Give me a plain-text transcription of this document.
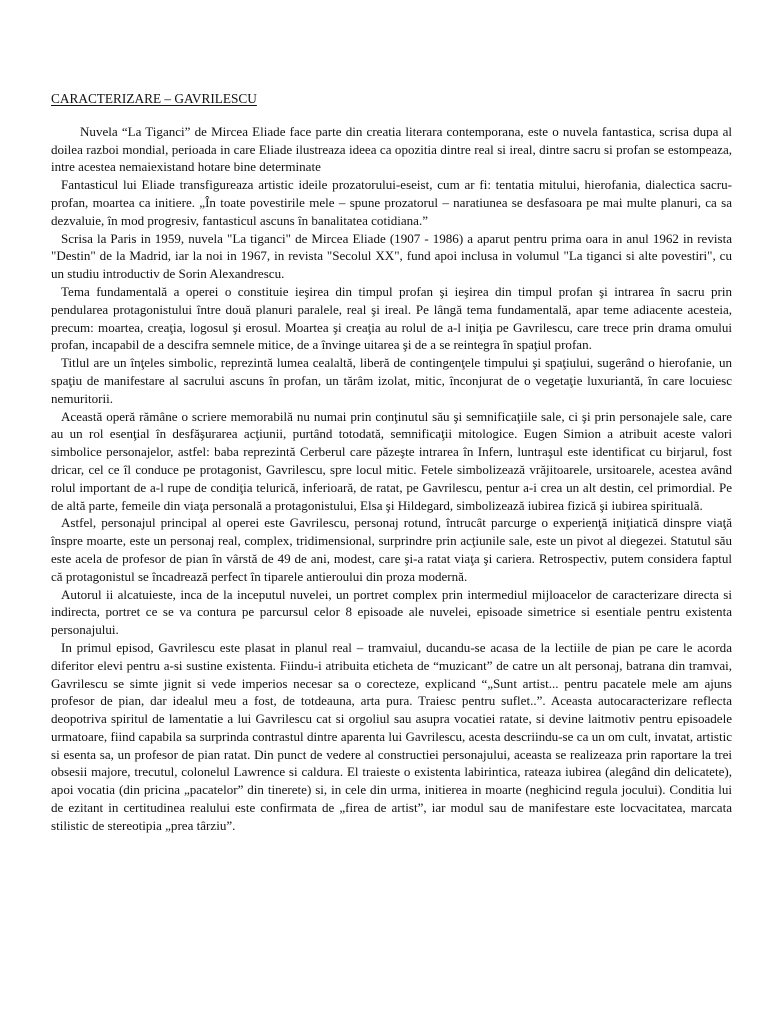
CARACTERIZARE – GAVRILESCU

Nuvela “La Tiganci” de Mircea Eliade face parte din creatia literara contemporana, este o nuvela fantastica, scrisa dupa al doilea razboi mondial, perioada in care Eliade ilustreaza ideea ca opozitia dintre real si ireal, dintre sacru si profan se estompeaza, intre acestea nemaiexistand hotare bine determinate

Fantasticul lui Eliade transfigureaza artistic ideile prozatorului-eseist, cum ar fi: tentatia mitului, hierofania, dialectica sacru-profan, moartea ca initiere. „În toate povestirile mele – spune prozatorul – naratiunea se desfasoara pe mai multe planuri, ca sa dezvaluie, în mod progresiv, fantasticul ascuns în banalitatea cotidiana.”

Scrisa la Paris in 1959, nuvela "La tiganci" de Mircea Eliade (1907 - 1986) a aparut pentru prima oara in anul 1962 in revista "Destin" de la Madrid, iar la noi in 1967, in revista "Secolul XX", fund apoi inclusa in volumul "La tiganci si alte povestiri", cu un studiu introductiv de Sorin Alexandrescu.

Tema fundamentală a operei o constituie ieşirea din timpul profan şi ieşirea din timpul profan şi intrarea în sacru prin pendularea protagonistului între două planuri paralele, real şi ireal. Pe lângă tema fundamentală, apar teme adiacente acesteia, precum: moartea, creaţia, logosul şi erosul. Moartea şi creaţia au rolul de a-l iniţia pe Gavrilescu, care trece prin drama omului profan, incapabil de a descifra semnele mitice, de a învinge uitarea şi de a se reintegra în spaţiul profan.

Titlul are un înţeles simbolic, reprezintă lumea cealaltă, liberă de contingenţele timpului şi spaţiului, sugerând o hierofanie, un spaţiu de manifestare al sacrului ascuns în profan, un tărâm izolat, mitic, înconjurat de o vegetaţie luxuriantă, în care locuiesc nemuritorii.

Această operă rămâne o scriere memorabilă nu numai prin conţinutul său şi semnificaţiile sale, ci şi prin personajele sale, care au un rol esenţial în desfăşurarea acţiunii, purtând totodată, semnificaţii mitologice. Eugen Simion a atribuit aceste valori simbolice personajelor, astfel: baba reprezintă Cerberul care păzeşte intrarea în Infern, luntraşul este identificat cu birjarul, fost dricar, cel ce îl conduce pe protagonist, Gavrilescu, spre locul mitic. Fetele simbolizează vrăjitoarele, ursitoarele, acestea având rolul important de a-l rupe de condiţia telurică, inferioară, de ratat, pe Gavrilescu, pentur a-i crea un alt destin, cel primordial. Pe de altă parte, femeile din viaţa personală a protagonistului, Elsa şi Hildegard, simbolizează iubirea fizică şi iubirea spirituală.

Astfel, personajul principal al operei este Gavrilescu, personaj rotund, întrucât parcurge o experienţă iniţiatică dinspre viaţă înspre moarte, este un personaj real, complex, tridimensional, surprindre prin acţiunile sale, este un pivot al diegezei. Statutul său este acela de profesor de pian în vârstă de 49 de ani, modest, care şi-a ratat viaţa şi cariera. Retrospectiv, putem considera faptul că protagonistul se încadrează perfect în tiparele antieroului din proza modernă.

Autorul ii alcatuieste, inca de la inceputul nuvelei, un portret complex prin intermediul mijloacelor de caracterizare directa si indirecta, portret ce se va contura pe parcursul celor 8 episoade ale nuvelei, episoade simetrice si esentiale pentru existenta personajului.

In primul episod, Gavrilescu este plasat in planul real – tramvaiul, ducandu-se acasa de la lectiile de pian pe care le acorda diferitor elevi pentru a-si sustine existenta. Fiindu-i atribuita eticheta de “muzicant” de catre un alt personaj, batrana din tramvai, Gavrilescu se simte jignit si vede imperios necesar sa o corecteze, explicand “„Sunt artist... pentru pacatele mele am ajuns profesor de pian, dar idealul meu a fost, de totdeauna, arta pura. Traiesc pentru suflet..”. Aceasta autocaracterizare reflecta deopotriva spiritul de lamentatie a lui Gavrilescu cat si orgoliul sau asupra vocatiei ratate, si devine laitmotiv pentru episoadele urmatoare, fiind capabila sa surprinda contrastul dintre aparenta lui Gavrilescu, acesta descriindu-se ca un om cult, invatat, artistic si esenta sa, un profesor de pian ratat. Din punct de vedere al constructiei personajului, aceasta se realizeaza prin raportare la trei obsesii majore, trecutul, colonelul Lawrence si caldura. El traieste o existenta labirintica, rateaza iubirea (alegând din delicatete), apoi vocatia (din pricina „pacatelor” din tinerete) si, in cele din urma, initierea in moarte (neghicind regula jocului). Conditia lui de ezitant in certitudinea realului este confirmata de „firea de artist”, iar modul sau de manifestare este locvacitatea, marcata stilistic de stereotipia „prea târziu”.
